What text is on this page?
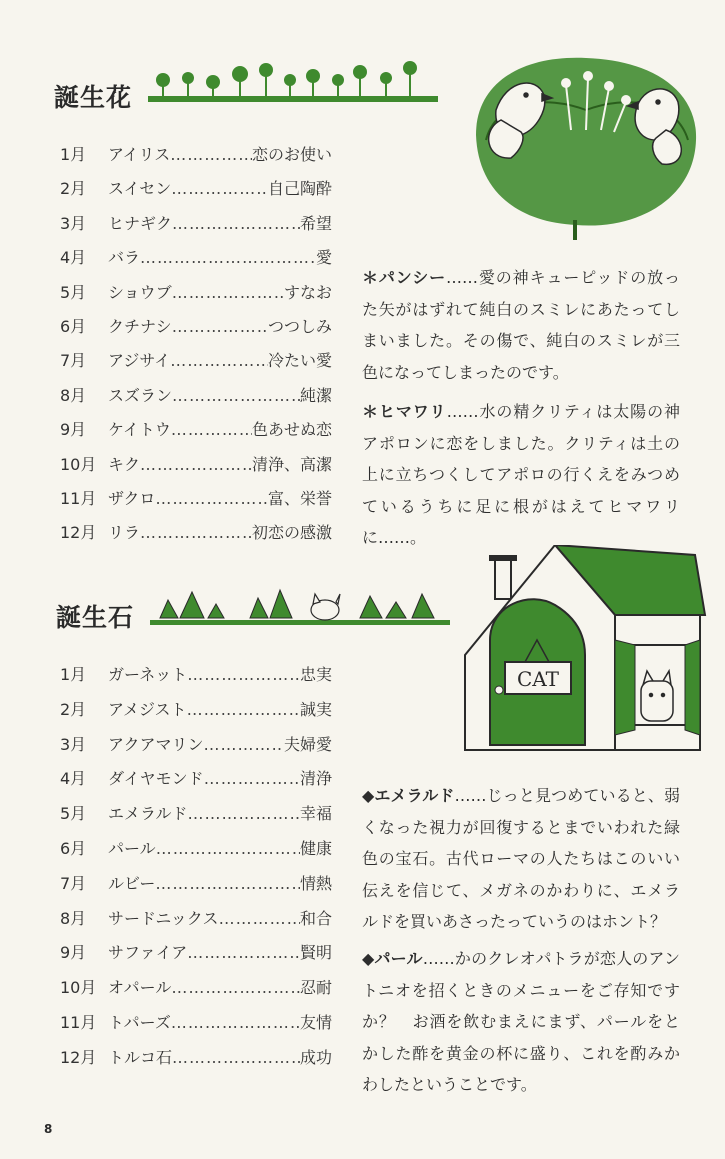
誕生花
1月	アイリス …………………………………………………………	恋のお使い
2月	スイセン …………………………………………………………	自己陶酔
3月	ヒナギク …………………………………………………………	希望
4月	バラ …………………………………………………………	愛
5月	ショウブ …………………………………………………………	すなお
6月	クチナシ …………………………………………………………	つつしみ
7月	アジサイ …………………………………………………………	冷たい愛
8月	スズラン …………………………………………………………	純潔
9月	ケイトウ …………………………………………………………	色あせぬ恋
10月 キク …………………………………………………………	清浄、高潔
11月 ザクロ …………………………………………………………	富、栄誉
12月 リラ …………………………………………………………	初恋の感激
＊パンシー……愛の神キューピッドの放った矢がはずれて純白のスミレにあたってしまいました。その傷で、純白のスミレが三色になってしまったのです。
＊ヒマワリ……水の精クリティは太陽の神アポロンに恋をしました。クリティは土の上に立ちつくしてアポロの行くえをみつめているうちに足に根がはえてヒマワリに……。
誕生石
1月	ガーネット …………………………………………………………	忠実
2月	アメジスト …………………………………………………………	誠実
3月	アクアマリン …………………………………………………………	夫婦愛
4月	ダイヤモンド …………………………………………………………	清浄
5月	エメラルド …………………………………………………………	幸福
6月	パール …………………………………………………………	健康
7月	ルビー …………………………………………………………	情熱
8月	サードニックス …………………………………………………………	和合
9月	サファイア …………………………………………………………	賢明
10月 オパール …………………………………………………………	忍耐
11月 トパーズ …………………………………………………………	友情
12月 トルコ石 …………………………………………………………	成功
CAT
◆エメラルド……じっと見つめていると、弱くなった視力が回復するとまでいわれた緑色の宝石。古代ローマの人たちはこのいい伝えを信じて、メガネのかわりに、エメラルドを買いあさったっていうのはホント？
◆パール……かのクレオパトラが恋人のアントニオを招くときのメニューをご存知ですか？　お酒を飲むまえにまず、パールをとかした酢を黄金の杯に盛り、これを酌みかわしたということです。
8
